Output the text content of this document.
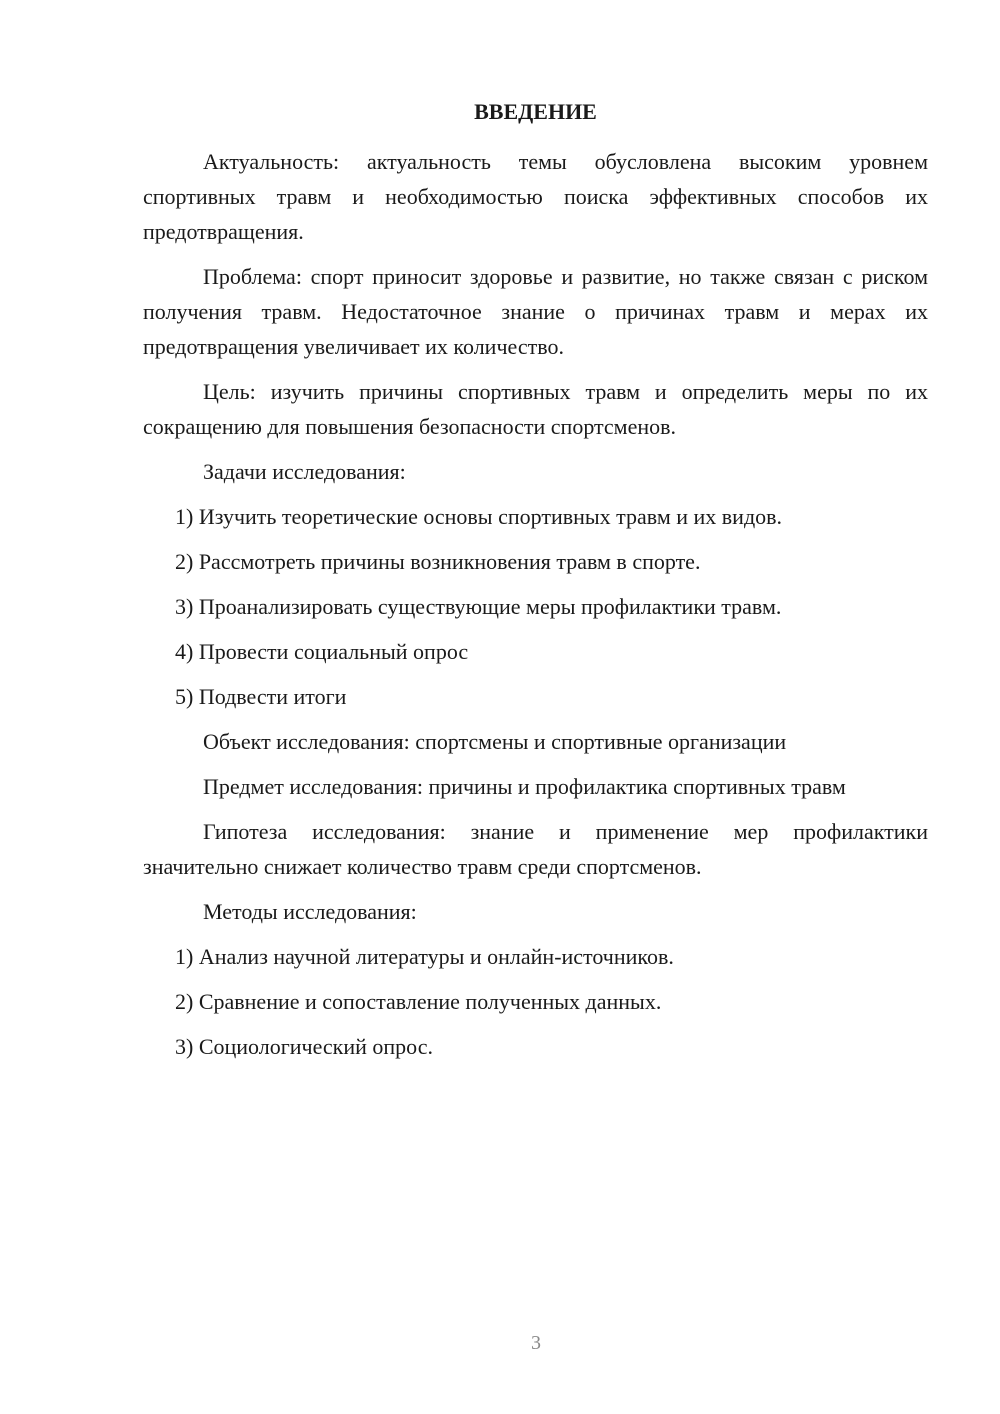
ВВЕДЕНИЕ

Актуальность: актуальность темы обусловлена высоким уровнем спортивных травм и необходимостью поиска эффективных способов их предотвращения.

Проблема: спорт приносит здоровье и развитие, но также связан с риском получения травм. Недостаточное знание о причинах травм и мерах их предотвращения увеличивает их количество.

Цель: изучить причины спортивных травм и определить меры по их сокращению для повышения безопасности спортсменов.

Задачи исследования:

1) Изучить теоретические основы спортивных травм и их видов.

2) Рассмотреть причины возникновения травм в спорте.

3) Проанализировать существующие меры профилактики травм.

4) Провести социальный опрос

5) Подвести итоги

Объект исследования: спортсмены и спортивные организации

Предмет исследования: причины и профилактика спортивных травм

Гипотеза исследования: знание и применение мер профилактики значительно снижает количество травм среди спортсменов.

Методы исследования:

1) Анализ научной литературы и онлайн-источников.

2) Сравнение и сопоставление полученных данных.

3) Социологический опрос.

3
